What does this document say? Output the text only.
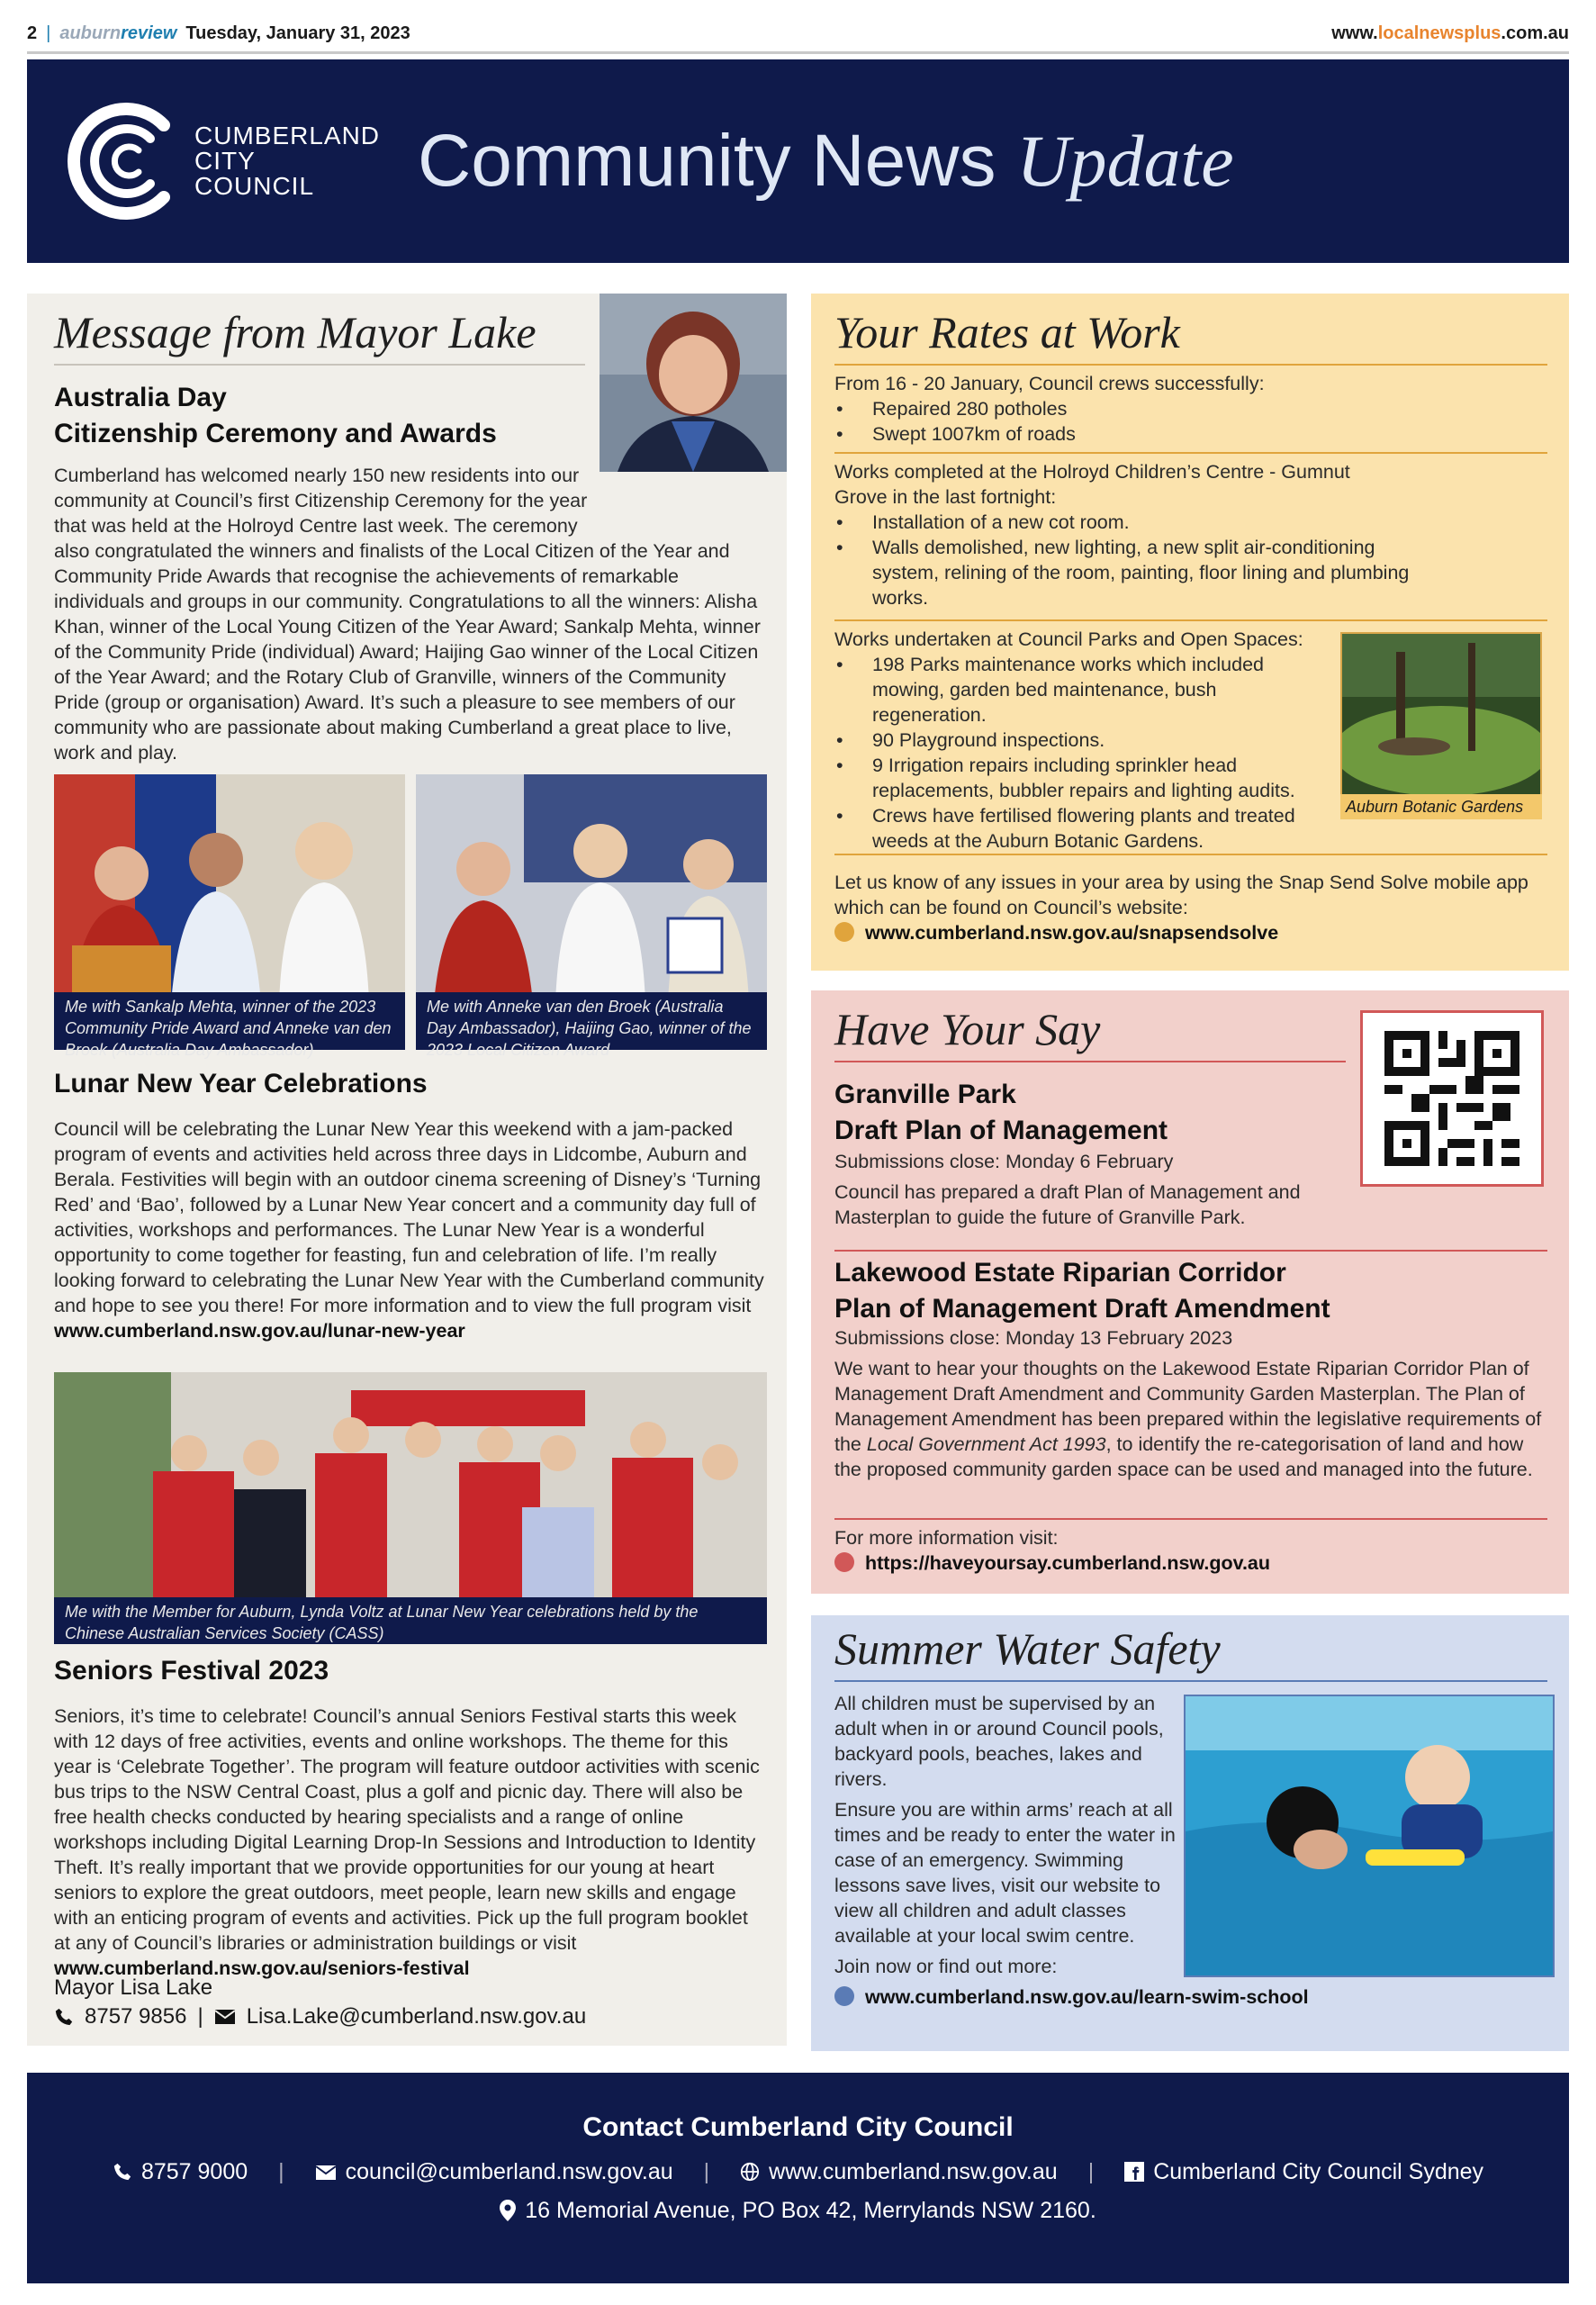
2 | auburn review Tuesday, January 31, 2023	www.localnewsplus.com.au
CUMBERLAND
CITY COUNCIL	Community News Update
Message from Mayor Lake
Australia Day
Citizenship Ceremony and Awards
Cumberland has welcomed nearly 150 new residents into our community at Council’s first Citizenship Ceremony for the year that was held at the Holroyd Centre last week. The ceremony also congratulated the winners and finalists of the Local Citizen of the Year and Community Pride Awards that recognise the achievements of remarkable individuals and groups in our community. Congratulations to all the winners: Alisha Khan, winner of the Local Young Citizen of the Year Award; Sankalp Mehta, winner of the Community Pride (individual) Award; Haijing Gao winner of the Local Citizen of the Year Award; and the Rotary Club of Granville, winners of the Community Pride (group or organisation) Award. It’s such a pleasure to see members of our community who are passionate about making Cumberland a great place to live, work and play.
Me with Sankalp Mehta, winner of the 2023 Community Pride Award and Anneke van den Broek (Australia Day Ambassador)
Me with Anneke van den Broek (Australia Day Ambassador), Haijing Gao, winner of the 2023 Local Citizen Award
Lunar New Year Celebrations
Council will be celebrating the Lunar New Year this weekend with a jam-packed program of events and activities held across three days in Lidcombe, Auburn and Berala. Festivities will begin with an outdoor cinema screening of Disney’s ‘Turning Red’ and ‘Bao’, followed by a Lunar New Year concert and a community day full of activities, workshops and performances. The Lunar New Year is a wonderful opportunity to come together for feasting, fun and celebration of life. I’m really looking forward to celebrating the Lunar New Year with the Cumberland community and hope to see you there! For more information and to view the full program visit
www.cumberland.nsw.gov.au/lunar-new-year
Me with the Member for Auburn, Lynda Voltz at Lunar New Year celebrations held by the Chinese Australian Services Society (CASS)
Seniors Festival 2023
Seniors, it’s time to celebrate! Council’s annual Seniors Festival starts this week with 12 days of free activities, events and online workshops. The theme for this year is ‘Celebrate Together’. The program will feature outdoor activities with scenic bus trips to the NSW Central Coast, plus a golf and picnic day. There will also be free health checks conducted by hearing specialists and a range of online workshops including Digital Learning Drop-In Sessions and Introduction to Identity Theft. It’s really important that we provide opportunities for our young at heart seniors to explore the great outdoors, meet people, learn new skills and engage with an enticing program of events and activities. Pick up the full program booklet at any of Council’s libraries or administration buildings or visit www.cumberland.nsw.gov.au/seniors-festival
Mayor Lisa Lake
8757 9856 | Lisa.Lake@cumberland.nsw.gov.au
Your Rates at Work
From 16 - 20 January, Council crews successfully:
• Repaired 280 potholes
• Swept 1007km of roads
Works completed at the Holroyd Children’s Centre - Gumnut Grove in the last fortnight:
• Installation of a new cot room.
• Walls demolished, new lighting, a new split air-conditioning system, relining of the room, painting, floor lining and plumbing works.
Works undertaken at Council Parks and Open Spaces:
• 198 Parks maintenance works which included mowing, garden bed maintenance, bush regeneration.
• 90 Playground inspections.
• 9 Irrigation repairs including sprinkler head replacements, bubbler repairs and lighting audits.
• Crews have fertilised flowering plants and treated weeds at the Auburn Botanic Gardens.
Auburn Botanic Gardens
Let us know of any issues in your area by using the Snap Send Solve mobile app which can be found on Council’s website:
www.cumberland.nsw.gov.au/snapsendsolve
Have Your Say
Granville Park
Draft Plan of Management
Submissions close: Monday 6 February
Council has prepared a draft Plan of Management and Masterplan to guide the future of Granville Park.
Lakewood Estate Riparian Corridor
Plan of Management Draft Amendment
Submissions close: Monday 13 February 2023
We want to hear your thoughts on the Lakewood Estate Riparian Corridor Plan of Management Draft Amendment and Community Garden Masterplan. The Plan of Management Amendment has been prepared within the legislative requirements of the Local Government Act 1993, to identify the re-categorisation of land and how the proposed community garden space can be used and managed into the future.
For more information visit:
https://haveyoursay.cumberland.nsw.gov.au
Summer Water Safety
All children must be supervised by an adult when in or around Council pools, backyard pools, beaches, lakes and rivers.
Ensure you are within arms’ reach at all times and be ready to enter the water in case of an emergency. Swimming lessons save lives, visit our website to view all children and adult classes available at your local swim centre.
Join now or find out more:
www.cumberland.nsw.gov.au/learn-swim-school
Contact Cumberland City Council
8757 9000 |	council@cumberland.nsw.gov.au |	www.cumberland.nsw.gov.au |	Cumberland City Council Sydney
16 Memorial Avenue, PO Box 42, Merrylands NSW 2160.
